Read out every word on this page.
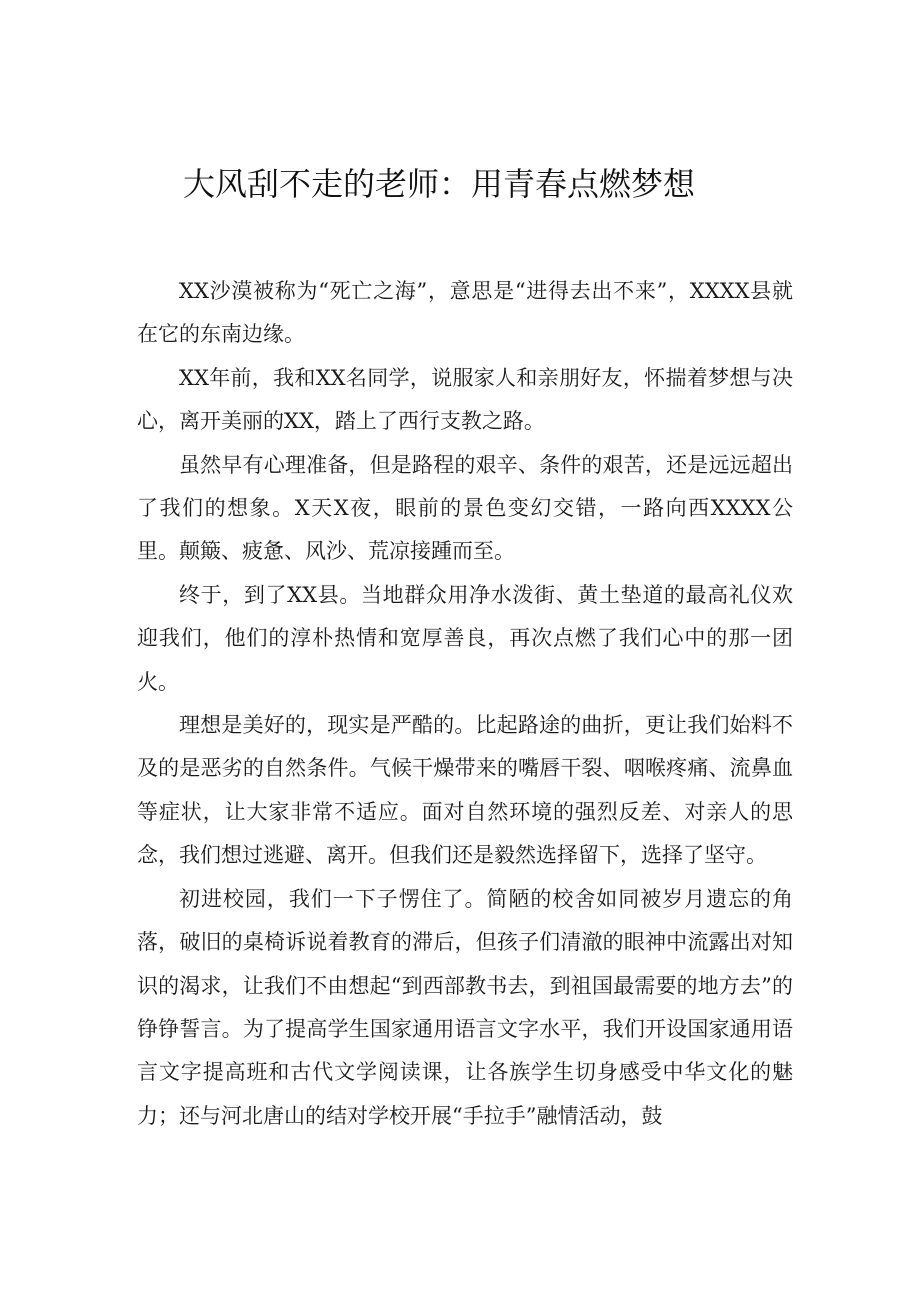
大风刮不走的老师：用青春点燃梦想

XX沙漠被称为“死亡之海”，意思是“进得去出不来”，XXXX县就在它的东南边缘。

XX年前，我和XX名同学，说服家人和亲朋好友，怀揣着梦想与决心，离开美丽的XX，踏上了西行支教之路。

虽然早有心理准备，但是路程的艰辛、条件的艰苦，还是远远超出了我们的想象。X天X夜，眼前的景色变幻交错，一路向西XXXX公里。颠簸、疲惫、风沙、荒凉接踵而至。

终于，到了XX县。当地群众用净水泼街、黄土垫道的最高礼仪欢迎我们，他们的淳朴热情和宽厚善良，再次点燃了我们心中的那一团火。

理想是美好的，现实是严酷的。比起路途的曲折，更让我们始料不及的是恶劣的自然条件。气候干燥带来的嘴唇干裂、咽喉疼痛、流鼻血等症状，让大家非常不适应。面对自然环境的强烈反差、对亲人的思念，我们想过逃避、离开。但我们还是毅然选择留下，选择了坚守。

初进校园，我们一下子愣住了。简陋的校舍如同被岁月遗忘的角落，破旧的桌椅诉说着教育的滞后，但孩子们清澈的眼神中流露出对知识的渴求，让我们不由想起“到西部教书去，到祖国最需要的地方去”的铮铮誓言。为了提高学生国家通用语言文字水平，我们开设国家通用语言文字提高班和古代文学阅读课，让各族学生切身感受中华文化的魅力；还与河北唐山的结对学校开展“手拉手”融情活动，鼓
